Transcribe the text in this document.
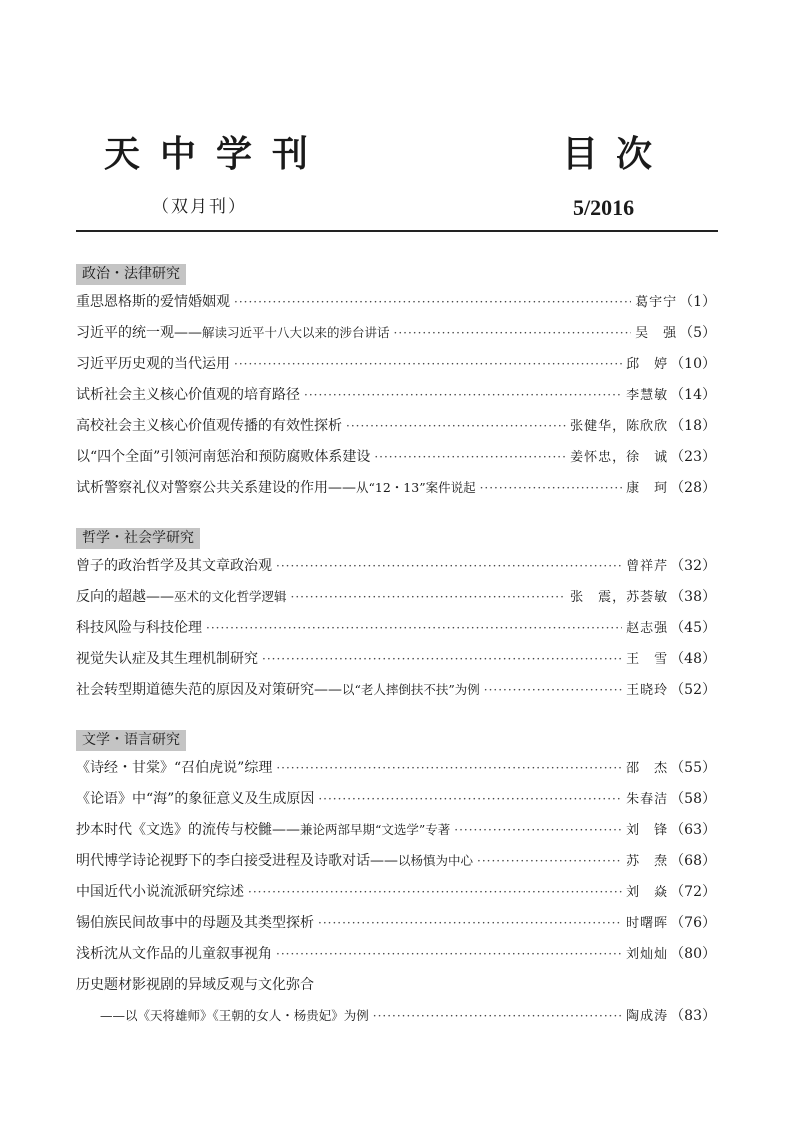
天中学刊
（双月刊）
目次
5/2016
政治・法律研究
重思恩格斯的爱情婚姻观 ·····	葛宇宁 （1）
习近平的统一观——解读习近平十八大以来的涉台讲话 ·····	吴　强 （5）
习近平历史观的当代运用 ·····	邱　婷 （10）
试析社会主义核心价值观的培育路径 ·····	李慧敏 （14）
高校社会主义核心价值观传播的有效性探析 ·····	张健华，陈欣欣 （18）
以“四个全面”引领河南惩治和预防腐败体系建设 ·····	姜怀忠，徐　诚 （23）
试析警察礼仪对警察公共关系建设的作用——从“12・13”案件说起 ·····	康　珂 （28）
哲学・社会学研究
曾子的政治哲学及其文章政治观 ·····	曾祥芹 （32）
反向的超越——巫术的文化哲学逻辑 ·····	张　震，苏荟敏 （38）
科技风险与科技伦理 ·····	赵志强 （45）
视觉失认症及其生理机制研究 ·····	王　雪 （48）
社会转型期道德失范的原因及对策研究——以“老人摔倒扶不扶”为例 ·····	王晓玲 （52）
文学・语言研究
《诗经・甘棠》“召伯虎说”综理 ·····	邵　杰 （55）
《论语》中“海”的象征意义及生成原因 ·····	朱春洁 （58）
抄本时代《文选》的流传与校雠——兼论两部早期“文选学”专著 ·····	刘　锋 （63）
明代博学诗论视野下的李白接受进程及诗歌对话——以杨慎为中心 ·····	苏　焘 （68）
中国近代小说流派研究综述 ·····	刘　焱 （72）
锡伯族民间故事中的母题及其类型探析 ·····	时曙晖 （76）
浅析沈从文作品的儿童叙事视角 ·····	刘灿灿 （80）
历史题材影视剧的异域反观与文化弥合
——以《天将雄师》《王朝的女人・杨贵妃》为例 ·····	陶成涛 （83）
